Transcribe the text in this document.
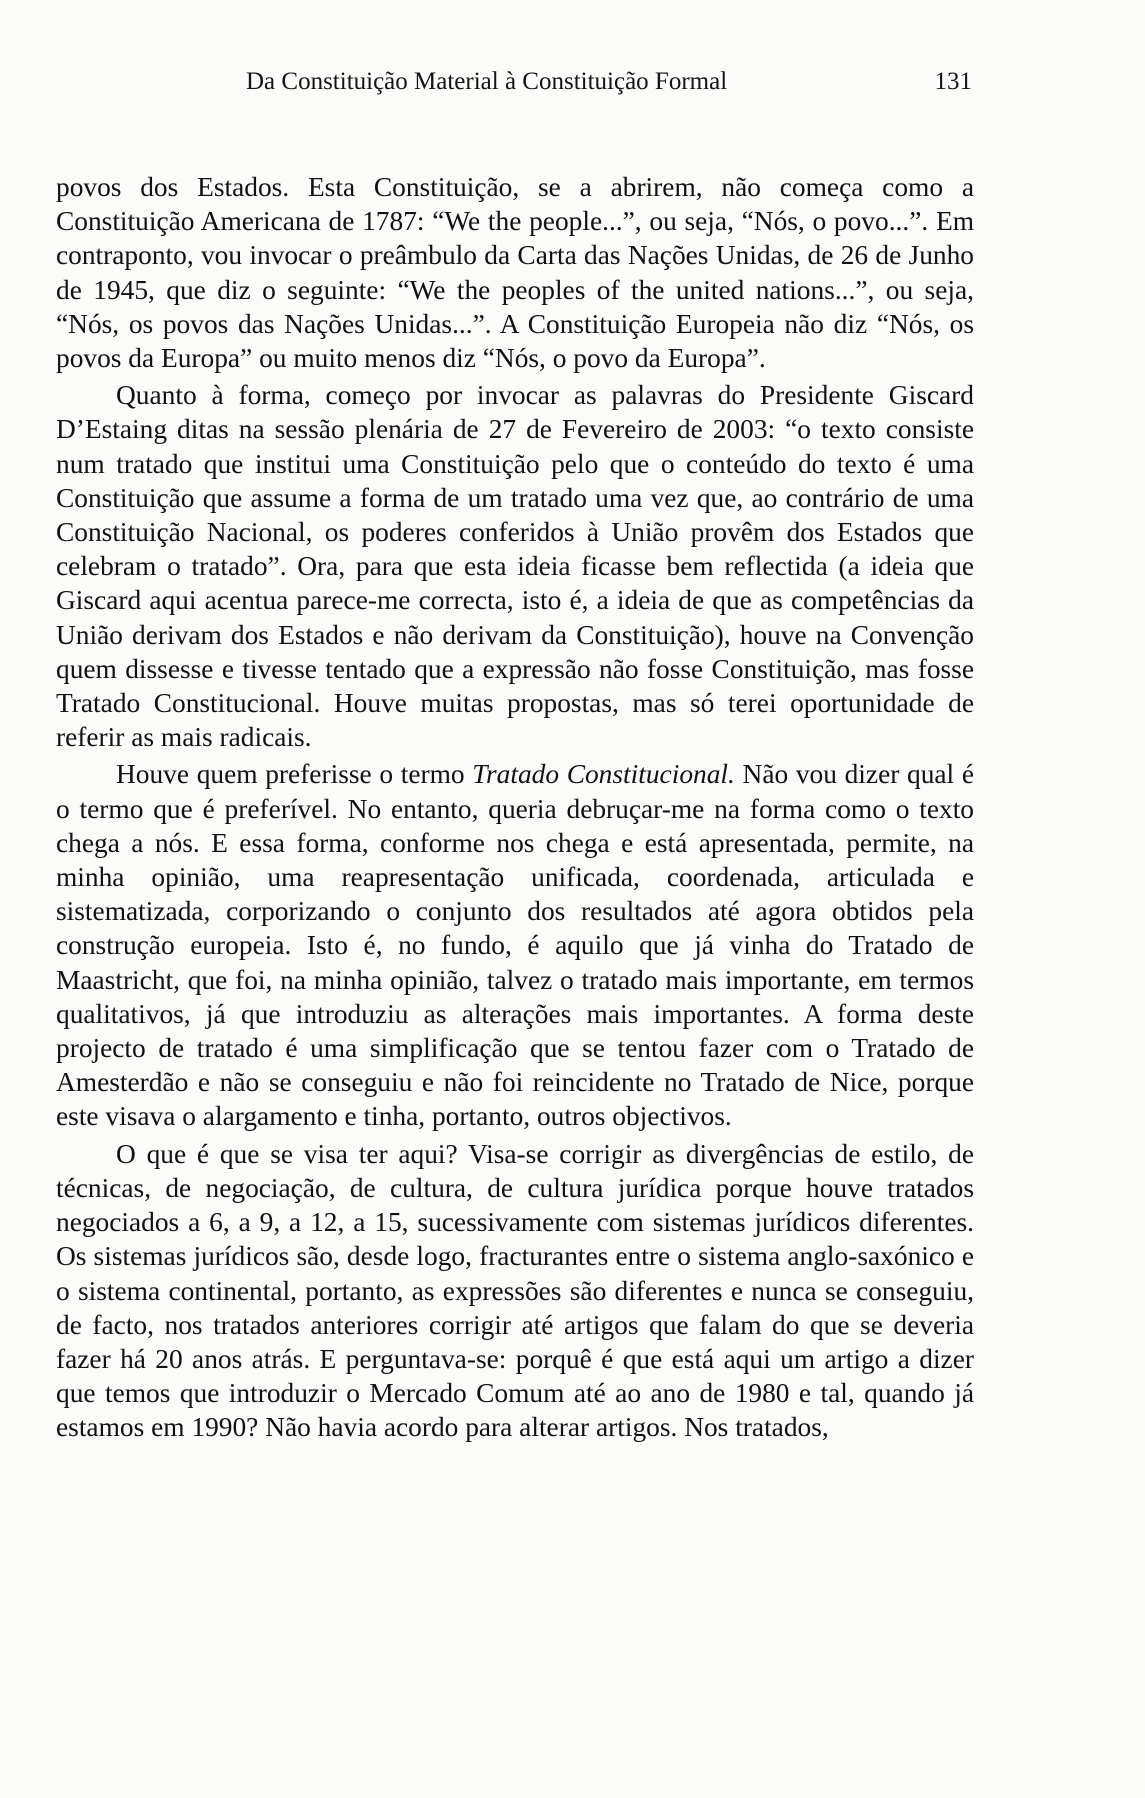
Da Constituição Material à Constituição Formal	131

povos dos Estados. Esta Constituição, se a abrirem, não começa como a Constituição Americana de 1787: “We the people...”, ou seja, “Nós, o povo...”. Em contraponto, vou invocar o preâmbulo da Carta das Nações Unidas, de 26 de Junho de 1945, que diz o seguinte: “We the peoples of the united nations...”, ou seja, “Nós, os povos das Nações Unidas...”. A Constituição Europeia não diz “Nós, os povos da Europa” ou muito menos diz “Nós, o povo da Europa”.

Quanto à forma, começo por invocar as palavras do Presidente Giscard D’Estaing ditas na sessão plenária de 27 de Fevereiro de 2003: “o texto consiste num tratado que institui uma Constituição pelo que o conteúdo do texto é uma Constituição que assume a forma de um tratado uma vez que, ao contrário de uma Constituição Nacional, os poderes conferidos à União provêm dos Estados que celebram o tratado”. Ora, para que esta ideia ficasse bem reflectida (a ideia que Giscard aqui acentua parece-me correcta, isto é, a ideia de que as competências da União derivam dos Estados e não derivam da Constituição), houve na Convenção quem dissesse e tivesse tentado que a expressão não fosse Constituição, mas fosse Tratado Constitucional. Houve muitas propostas, mas só terei oportunidade de referir as mais radicais.

Houve quem preferisse o termo Tratado Constitucional. Não vou dizer qual é o termo que é preferível. No entanto, queria debruçar-me na forma como o texto chega a nós. E essa forma, conforme nos chega e está apresentada, permite, na minha opinião, uma reapresentação unificada, coordenada, articulada e sistematizada, corporizando o conjunto dos resultados até agora obtidos pela construção europeia. Isto é, no fundo, é aquilo que já vinha do Tratado de Maastricht, que foi, na minha opinião, talvez o tratado mais importante, em termos qualitativos, já que introduziu as alterações mais importantes. A forma deste projecto de tratado é uma simplificação que se tentou fazer com o Tratado de Amesterdão e não se conseguiu e não foi reincidente no Tratado de Nice, porque este visava o alargamento e tinha, portanto, outros objectivos.

O que é que se visa ter aqui? Visa-se corrigir as divergências de estilo, de técnicas, de negociação, de cultura, de cultura jurídica porque houve tratados negociados a 6, a 9, a 12, a 15, sucessivamente com sistemas jurídicos diferentes. Os sistemas jurídicos são, desde logo, fracturantes entre o sistema anglo-saxónico e o sistema continental, portanto, as expressões são diferentes e nunca se conseguiu, de facto, nos tratados anteriores corrigir até artigos que falam do que se deveria fazer há 20 anos atrás. E perguntava-se: porquê é que está aqui um artigo a dizer que temos que introduzir o Mercado Comum até ao ano de 1980 e tal, quando já estamos em 1990? Não havia acordo para alterar artigos. Nos tratados,
